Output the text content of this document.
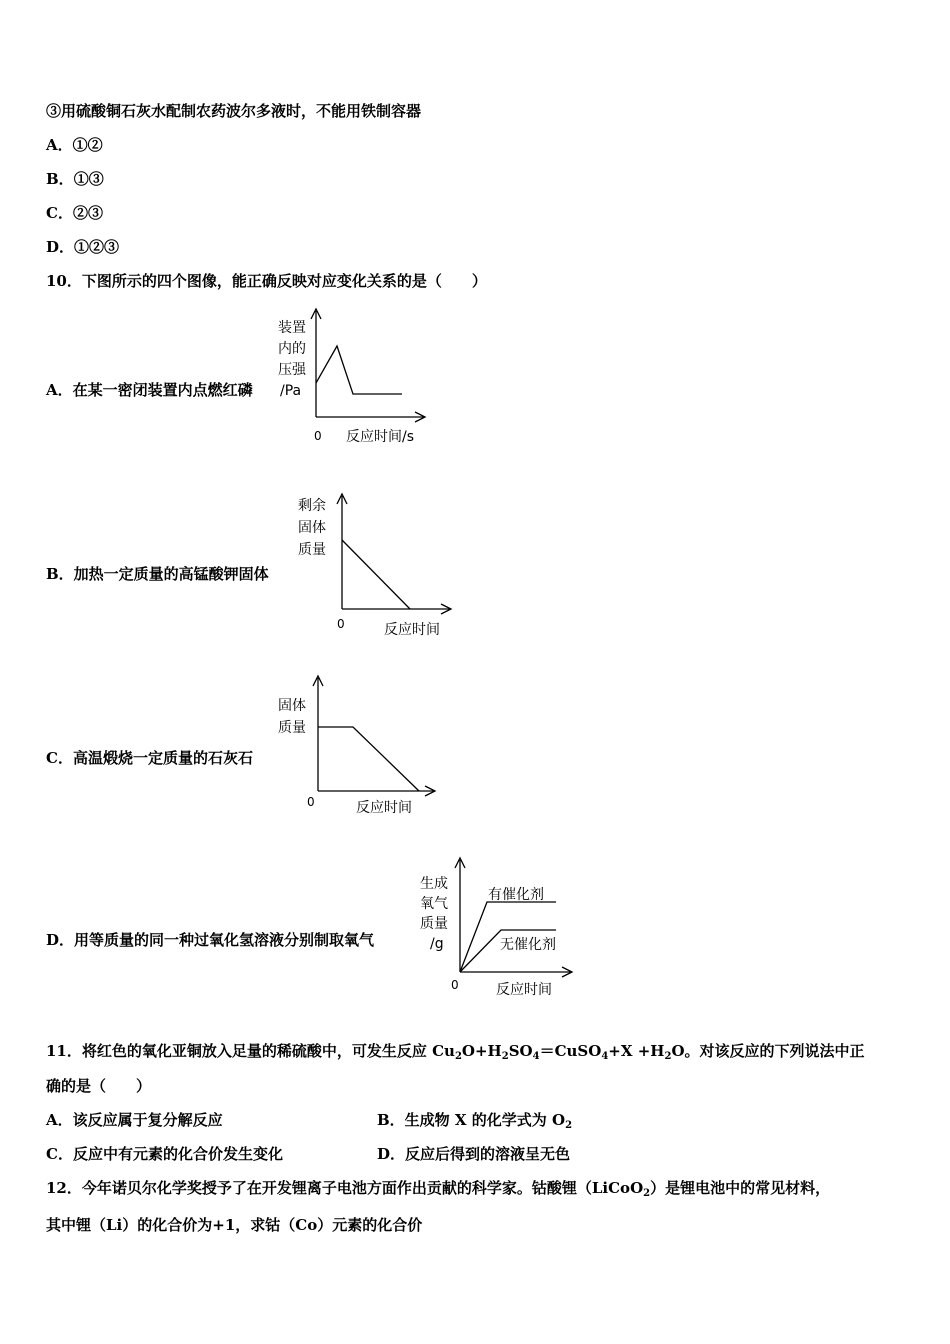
③用硫酸铜石灰水配制农药波尔多液时，不能用铁制容器
A．①②
B．①③
C．②③
D．①②③
10．下图所示的四个图像，能正确反映对应变化关系的是（　　）
A．在某一密闭装置内点燃红磷
装置
内的
压强
/Pa
0 反应时间/s
B．加热一定质量的高锰酸钾固体
剩余
固体
质量
0	反应时间
C．高温煅烧一定质量的石灰石
固体
质量
0	反应时间
D．用等质量的同一种过氧化氢溶液分别制取氧气
生成
氧气
质量
/g
有催化剂
无催化剂
0	反应时间
11．将红色的氧化亚铜放入足量的稀硫酸中，可发生反应 $Cu_2O+H_2SO_4=CuSO_4+X +H_2O$。对该反应的下列说法中正
确的是（　　）
A．该反应属于复分解反应	B．生成物 X 的化学式为 $O_2$
C．反应中有元素的化合价发生变化	D．反应后得到的溶液呈无色
12．今年诺贝尔化学奖授予了在开发锂离子电池方面作出贡献的科学家。钴酸锂（LiCoO$_2$）是锂电池中的常见材料，
其中锂（Li）的化合价为+1，求钴（Co）元素的化合价
